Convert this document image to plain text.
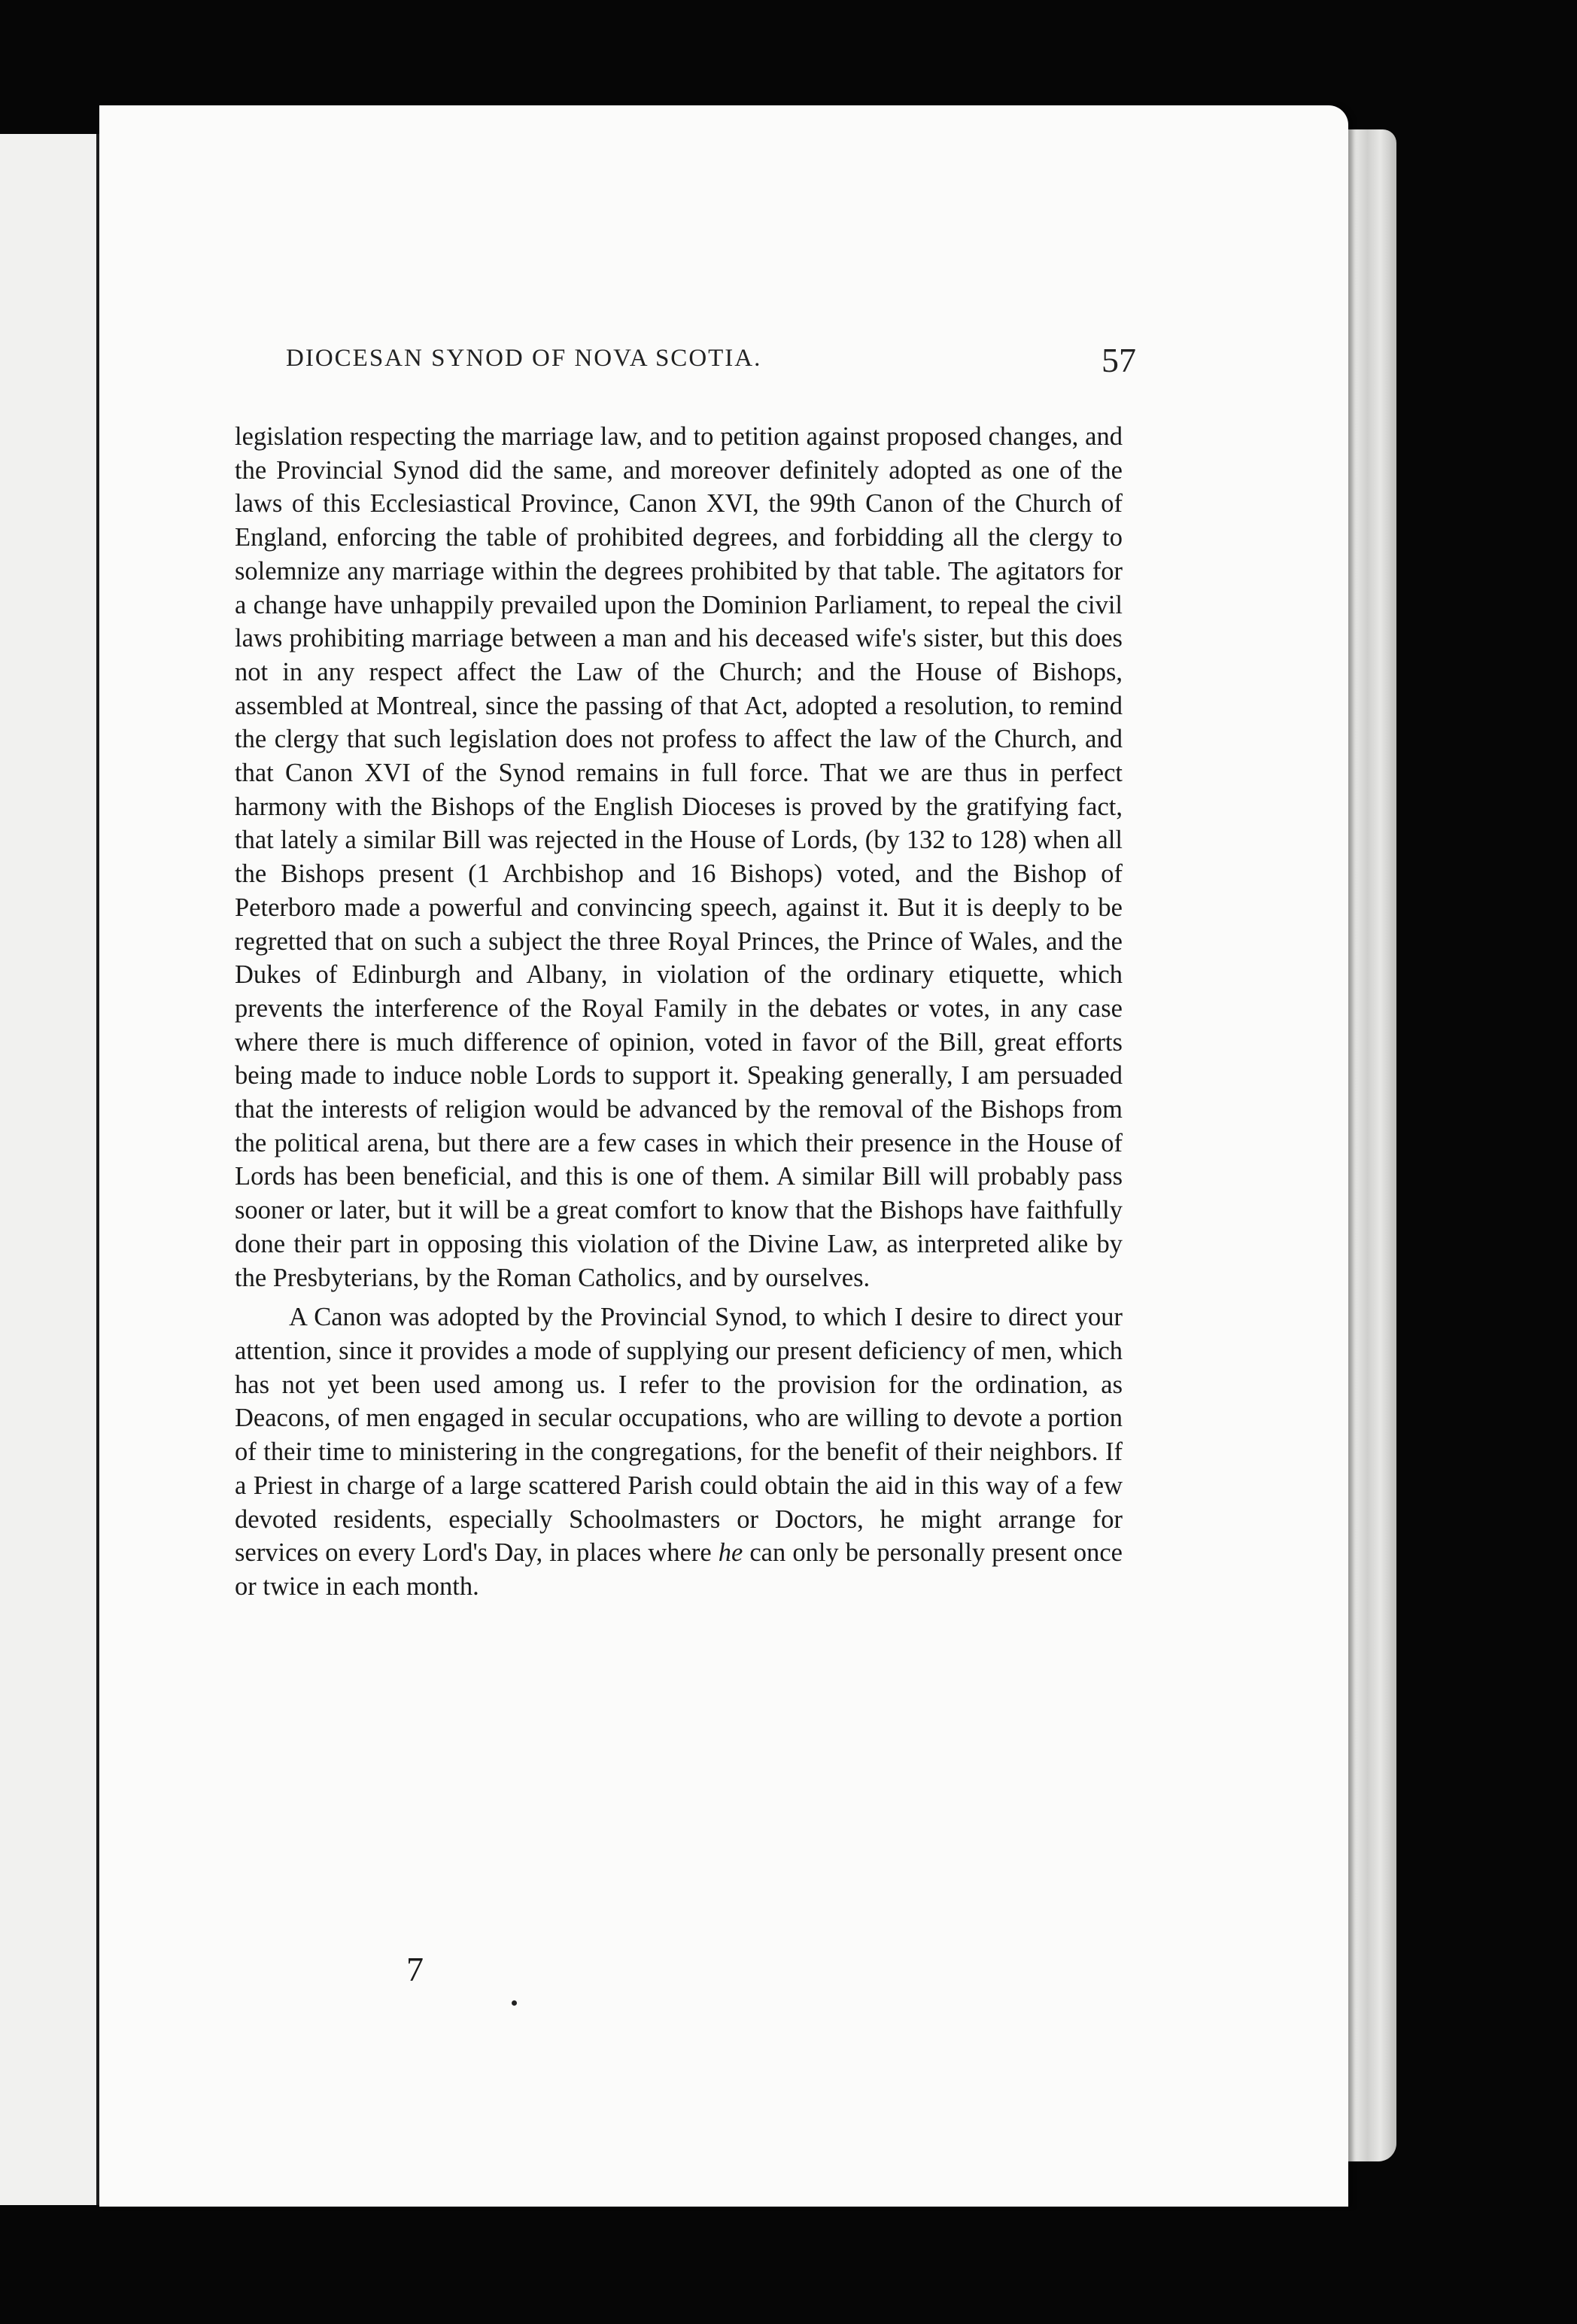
DIOCESAN SYNOD OF NOVA SCOTIA.	57

legislation respecting the marriage law, and to petition against proposed changes, and the Provincial Synod did the same, and moreover definitely adopted as one of the laws of this Ecclesiastical Province, Canon XVI, the 99th Canon of the Church of England, enforcing the table of prohibited degrees, and forbidding all the clergy to solemnize any marriage within the degrees prohibited by that table. The agitators for a change have unhappily prevailed upon the Dominion Parliament, to repeal the civil laws prohibiting marriage between a man and his deceased wife's sister, but this does not in any respect affect the Law of the Church; and the House of Bishops, assembled at Montreal, since the passing of that Act, adopted a resolution, to remind the clergy that such legislation does not profess to affect the law of the Church, and that Canon XVI of the Synod remains in full force. That we are thus in perfect harmony with the Bishops of the English Dioceses is proved by the gratifying fact, that lately a similar Bill was rejected in the House of Lords, (by 132 to 128) when all the Bishops present (1 Archbishop and 16 Bishops) voted, and the Bishop of Peterboro made a powerful and convincing speech, against it. But it is deeply to be regretted that on such a subject the three Royal Princes, the Prince of Wales, and the Dukes of Edinburgh and Albany, in violation of the ordinary etiquette, which prevents the interference of the Royal Family in the debates or votes, in any case where there is much difference of opinion, voted in favor of the Bill, great efforts being made to induce noble Lords to support it. Speaking generally, I am persuaded that the interests of religion would be advanced by the removal of the Bishops from the political arena, but there are a few cases in which their presence in the House of Lords has been beneficial, and this is one of them. A similar Bill will probably pass sooner or later, but it will be a great comfort to know that the Bishops have faithfully done their part in opposing this violation of the Divine Law, as interpreted alike by the Presbyterians, by the Roman Catholics, and by ourselves.

A Canon was adopted by the Provincial Synod, to which I desire to direct your attention, since it provides a mode of supplying our present deficiency of men, which has not yet been used among us. I refer to the provision for the ordination, as Deacons, of men engaged in secular occupations, who are willing to devote a portion of their time to ministering in the congregations, for the benefit of their neighbors. If a Priest in charge of a large scattered Parish could obtain the aid in this way of a few devoted residents, especially Schoolmasters or Doctors, he might arrange for services on every Lord's Day, in places where he can only be personally present once or twice in each month.

7
